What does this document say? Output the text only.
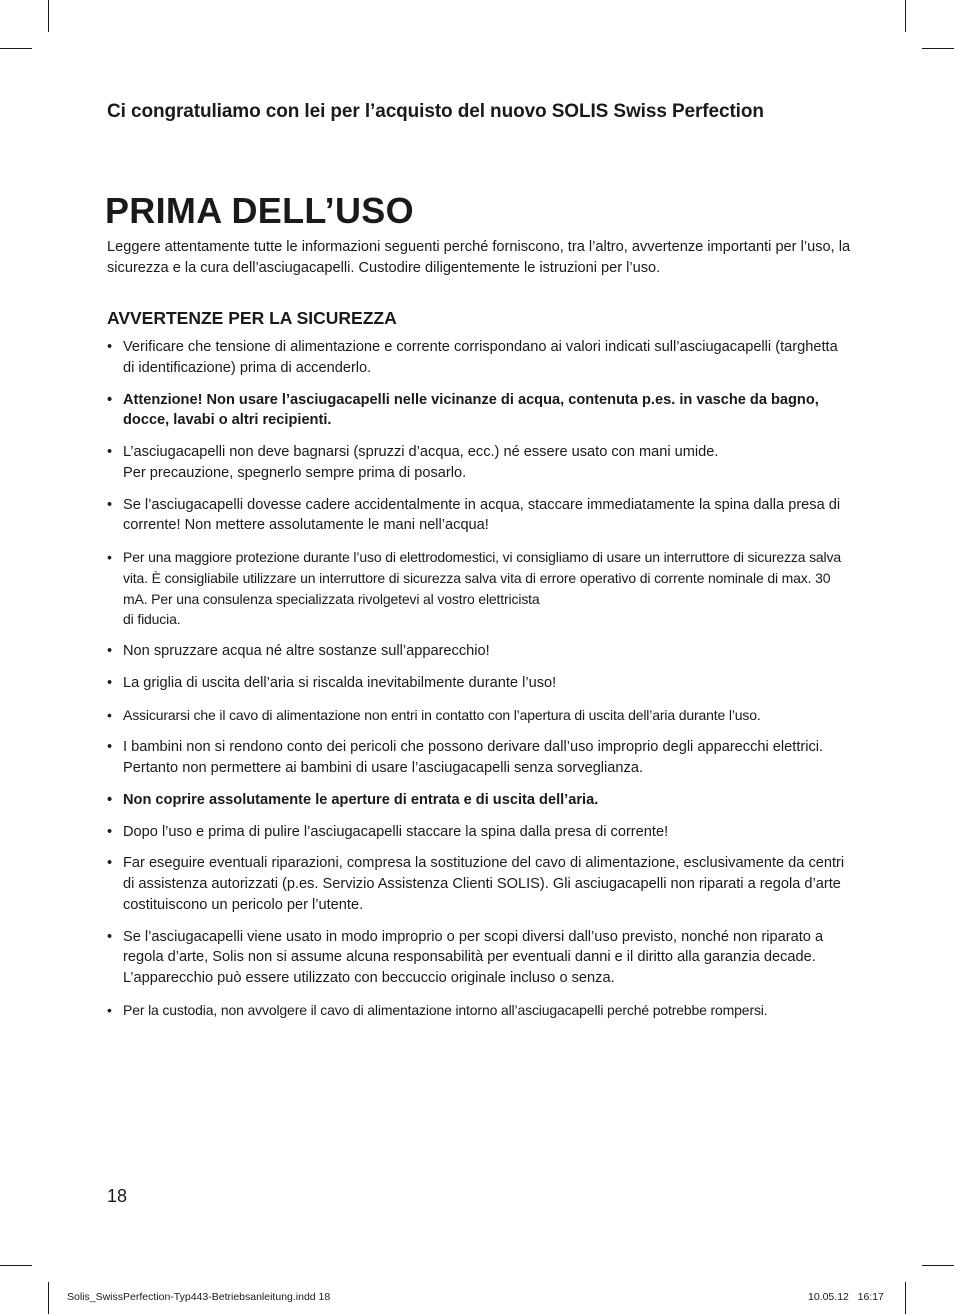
Ci congratuliamo con lei per l’acquisto del nuovo SOLIS Swiss Perfection
PRIMA DELL’USO

Leggere attentamente tutte le informazioni seguenti perché forniscono, tra l’altro, avvertenze importanti per l’uso, la sicurezza e la cura dell’asciugacapelli. Custodire diligentemente le istruzioni per l’uso.

AVVERTENZE PER LA SICUREZZA
• Verificare che tensione di alimentazione e corrente corrispondano ai valori indicati sull’asciugacapelli (targhetta di identificazione) prima di accenderlo.
• Attenzione! Non usare l’asciugacapelli nelle vicinanze di acqua, contenuta p.es. in vasche da bagno, docce, lavabi o altri recipienti.
• L’asciugacapelli non deve bagnarsi (spruzzi d’acqua, ecc.) né essere usato con mani umide.
Per precauzione, spegnerlo sempre prima di posarlo.
• Se l’asciugacapelli dovesse cadere accidentalmente in acqua, staccare immediatamente la spina dalla presa di corrente! Non mettere assolutamente le mani nell’acqua!
• Per una maggiore protezione durante l’uso di elettrodomestici, vi consigliamo di usare un interruttore di sicurezza salva vita. È consigliabile utilizzare un interruttore di sicurezza salva vita di errore operativo di corrente nominale di max. 30 mA. Per una consulenza specializzata rivolgetevi al vostro elettricista
di fiducia.
• Non spruzzare acqua né altre sostanze sull’apparecchio!
• La griglia di uscita dell’aria si riscalda inevitabilmente durante l’uso!
• Assicurarsi che il cavo di alimentazione non entri in contatto con l’apertura di uscita dell’aria durante l’uso.
• I bambini non si rendono conto dei pericoli che possono derivare dall’uso improprio degli apparecchi elettrici. Pertanto non permettere ai bambini di usare l’asciugacapelli senza sorveglianza.
• Non coprire assolutamente le aperture di entrata e di uscita dell’aria.
• Dopo l’uso e prima di pulire l’asciugacapelli staccare la spina dalla presa di corrente!
• Far eseguire eventuali riparazioni, compresa la sostituzione del cavo di alimentazione, esclusivamente da centri di assistenza autorizzati (p.es. Servizio Assistenza Clienti SOLIS). Gli asciugacapelli non riparati a regola d’arte costituiscono un pericolo per l’utente.
• Se l’asciugacapelli viene usato in modo improprio o per scopi diversi dall’uso previsto, nonché non riparato a regola d’arte, Solis non si assume alcuna responsabilità per eventuali danni e il diritto alla garanzia decade. L’apparecchio può essere utilizzato con beccuccio originale incluso o senza.
• Per la custodia, non avvolgere il cavo di alimentazione intorno all’asciugacapelli perché potrebbe rompersi.
18
Solis_SwissPerfection-Typ443-Betriebsanleitung.indd 18	10.05.12   16:17
